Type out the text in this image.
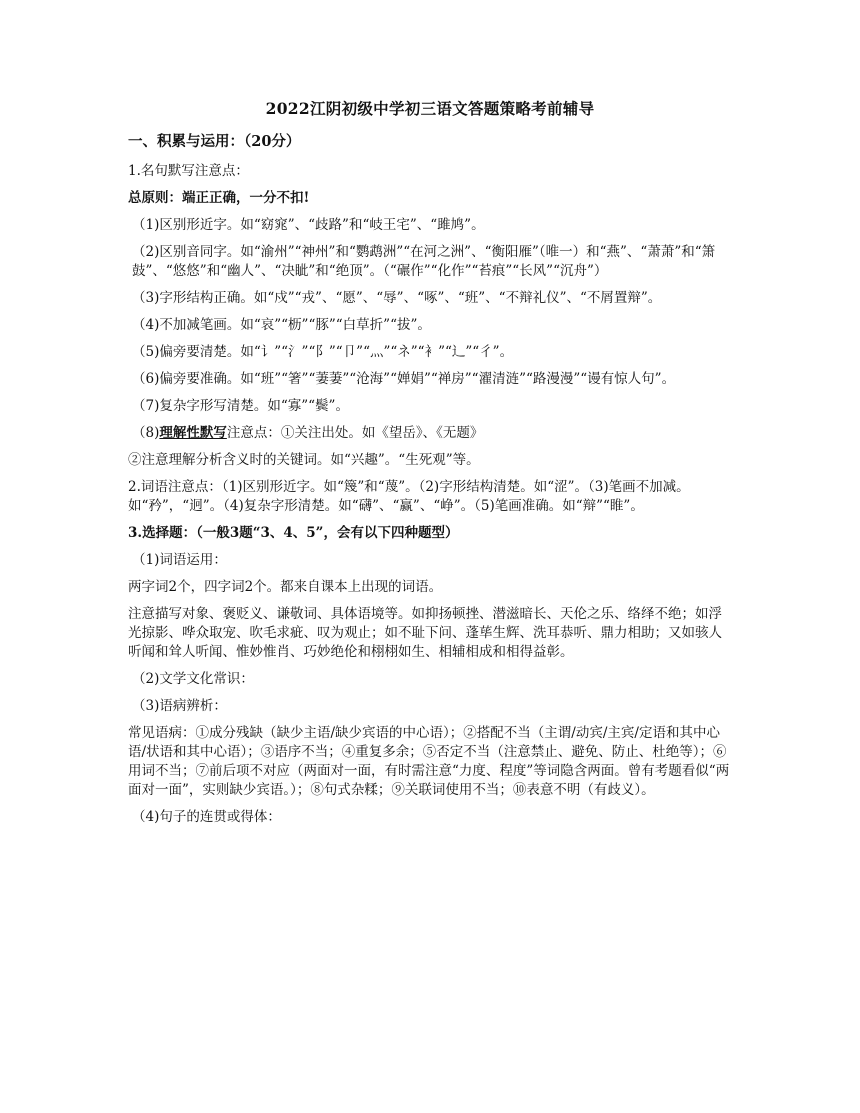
2022江阴初级中学初三语文答题策略考前辅导
一、积累与运用：（20分）
1.名句默写注意点：
总原则：端正正确，一分不扣!
（1)区别形近字。如“窈窕”、“歧路”和“岐王宅”、“雎鸠”。
（2)区别音同字。如“渝州”“神州”和“鹦鹉洲”“在河之洲”、“衡阳雁”（唯一）和“燕”、“萧萧”和“箫鼓”、“悠悠”和“幽人”、“决眦”和“绝顶”。（“碾作”“化作”“苔痕”“长风”“沉舟”）
（3)字形结构正确。如“戍”“戎”、“愿”、“辱”、“啄”、“班”、“不辩礼仪”、“不屑置辩”。
（4)不加减笔画。如“哀”“枥”“豚”“白草折”“拔”。
（5)偏旁要清楚。如“讠”“氵”“阝”“卩”“灬”“ネ”“衤”“辶”“彳”。
（6)偏旁要准确。如“班”“箸”“萋萋”“沧海”“婵娟”“禅房”“濯清涟”“路漫漫”“谩有惊人句”。
（7)复杂字形写清楚。如“寡”“鬓”。
（8)理解性默写注意点：①关注出处。如《望岳》、《无题》
②注意理解分析含义时的关键词。如“兴趣”。“生死观”等。
2.词语注意点：（1)区别形近字。如“篾”和“蔑”。（2)字形结构清楚。如“涩”。（3)笔画不加减。如“矜”，“迥”。（4)复杂字形清楚。如“礴”、“赢”、“峥”。（5)笔画准确。如“辩”“睢”。
3.选择题：（一般3题“3、4、5”，会有以下四种题型）
（1)词语运用：
两字词2个，四字词2个。都来自课本上出现的词语。
注意描写对象、褒贬义、谦敬词、具体语境等。如抑扬顿挫、潜滋暗长、天伦之乐、络绎不绝；如浮光掠影、哗众取宠、吹毛求疵、叹为观止；如不耻下问、蓬荜生辉、洗耳恭听、鼎力相助；又如骇人听闻和耸人听闻、惟妙惟肖、巧妙绝伦和栩栩如生、相辅相成和相得益彰。
（2)文学文化常识：
（3)语病辨析：
常见语病：①成分残缺（缺少主语/缺少宾语的中心语）；②搭配不当（主谓/动宾/主宾/定语和其中心语/状语和其中心语）；③语序不当；④重复多余；⑤否定不当（注意禁止、避免、防止、杜绝等）；⑥用词不当；⑦前后项不对应（两面对一面，有时需注意“力度、程度”等词隐含两面。曾有考题看似“两面对一面”，实则缺少宾语。）；⑧句式杂糅；⑨关联词使用不当；⑩表意不明（有歧义）。
（4)句子的连贯或得体：
